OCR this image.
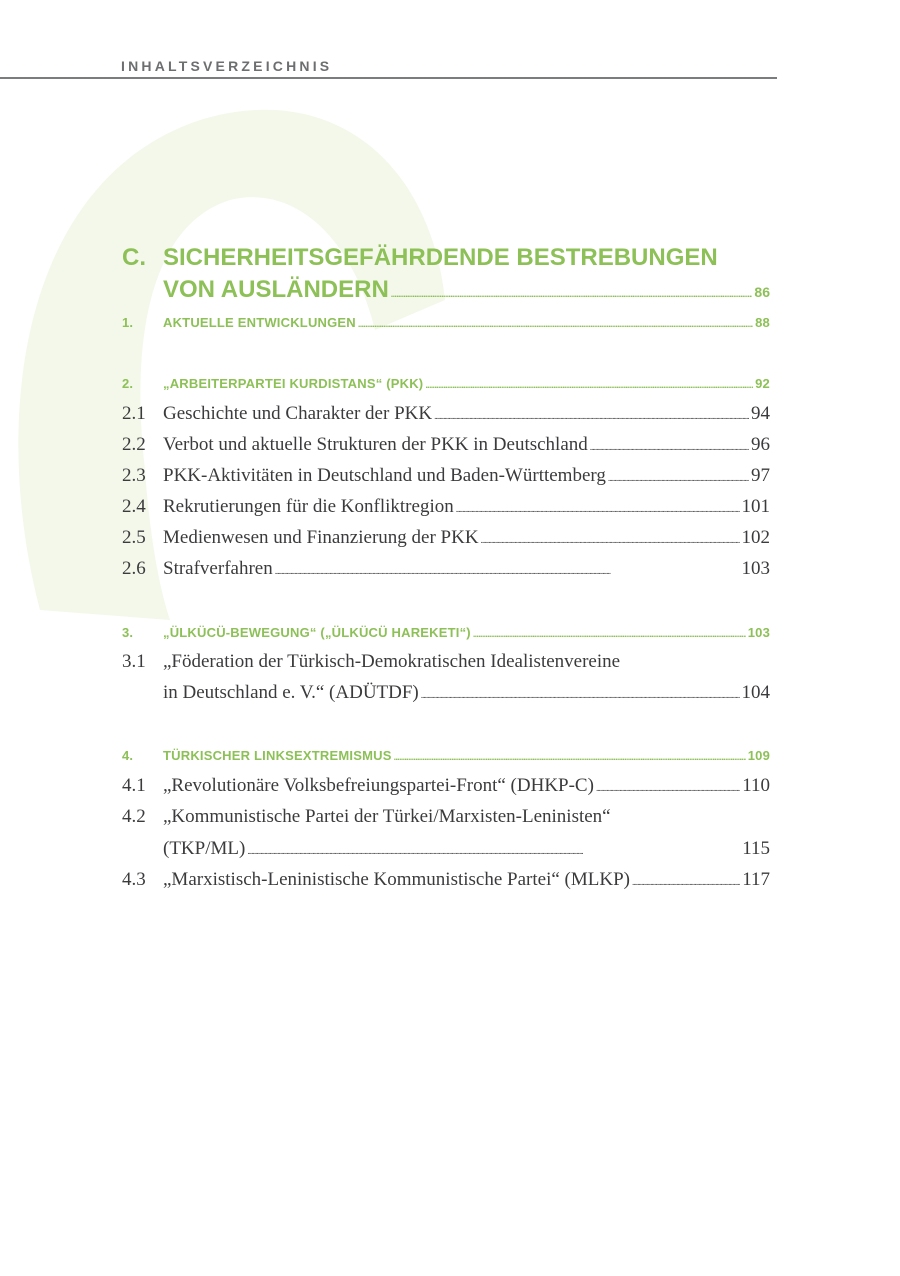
INHALTSVERZEICHNIS
C. SICHERHEITSGEFÄHRDENDE BESTREBUNGEN
VON AUSLÄNDERN . . .	86
1.	AKTUELLE ENTWICKLUNGEN . . .	88
2.	„ARBEITERPARTEI KURDISTANS“ (PKK) . . .	92
2.1 Geschichte und Charakter der PKK . . .	94
2.2 Verbot und aktuelle Strukturen der PKK in Deutschland . . .	96
2.3 PKK-Aktivitäten in Deutschland und Baden-Württemberg . . .	97
2.4 Rekrutierungen für die Konfliktregion . . .	101
2.5 Medienwesen und Finanzierung der PKK . . .	102
2.6 Strafverfahren . . .	103
3.	„ÜLKÜCÜ-BEWEGUNG“ („ÜLKÜCÜ HAREKETI“) . . .	103
3.1 „Föderation der Türkisch-Demokratischen Idealistenvereine
in Deutschland e. V.“ (ADÜTDF) . . .	104
4.	TÜRKISCHER LINKSEXTREMISMUS . . .	109
4.1 „Revolutionäre Volksbefreiungspartei-Front“ (DHKP-C) . . .	110
4.2 „Kommunistische Partei der Türkei/Marxisten-Leninisten“
(TKP/ML) . . .	115
4.3 „Marxistisch-Leninistische Kommunistische Partei“ (MLKP) . . .	117
